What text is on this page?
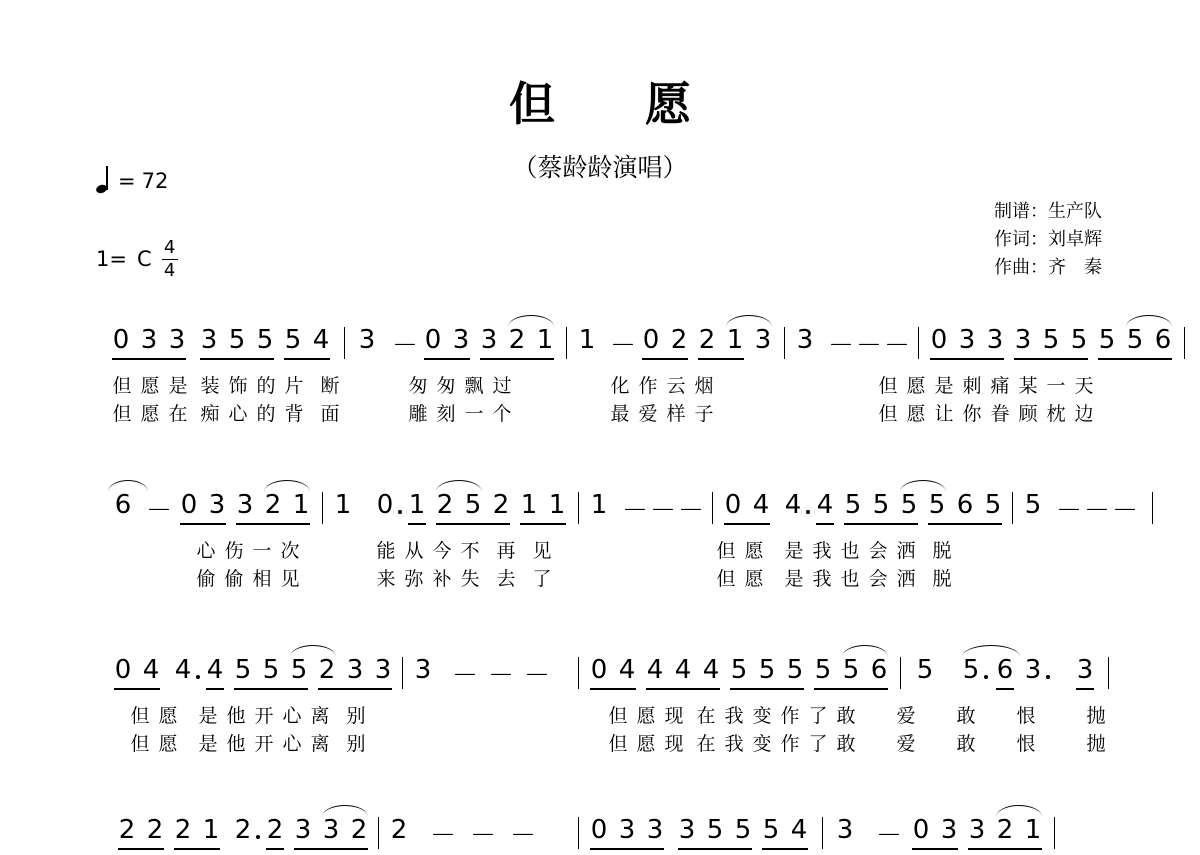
但　愿
（蔡龄龄演唱）
= 72
1= C 4
4
制谱：生产队
作词：刘卓辉
作曲：齐　秦
0 3 3 3 5 5 5 4 3 － 0 3 3 2 1 1 － 0 2 2 1 3 3 － － － 0 3 3 3 5 5 5 5 6
但 愿 是 装 饰 的 片 断	匆 匆 飘 过	化 作 云 烟	但 愿 是 刺 痛 某 一 天
但 愿 在 痴 心 的 背 面	雕 刻 一 个	最 爱 样 子	但 愿 让 你 眷 顾 枕 边
6 － 0 3 3 2 1 1 0 1 2 5 2 1 1 1 － － － 0 4 4 4 5 5 5 5 6 5 5 － － －
心 伤 一 次	能 从 今 不 再 见	但 愿 是 我 也 会 洒 脱
偷 偷 相 见	来 弥 补 失 去 了	但 愿 是 我 也 会 洒 脱
0 4 4 4 5 5 5 2 3 3 3 － － － 0 4 4 4 4 5 5 5 5 5 6 5 5 6 3 3
但 愿 是 他 开 心 离 别	但 愿 现 在 我 变 作 了 敢 爱 敢 恨	抛
但 愿 是 他 开 心 离 别	但 愿 现 在 我 变 作 了 敢 爱 敢 恨	抛
2 2 2 1 2 2 3 3 2 2 － － － 0 3 3 3 5 5 5 4 3 － 0 3 3 2 1
